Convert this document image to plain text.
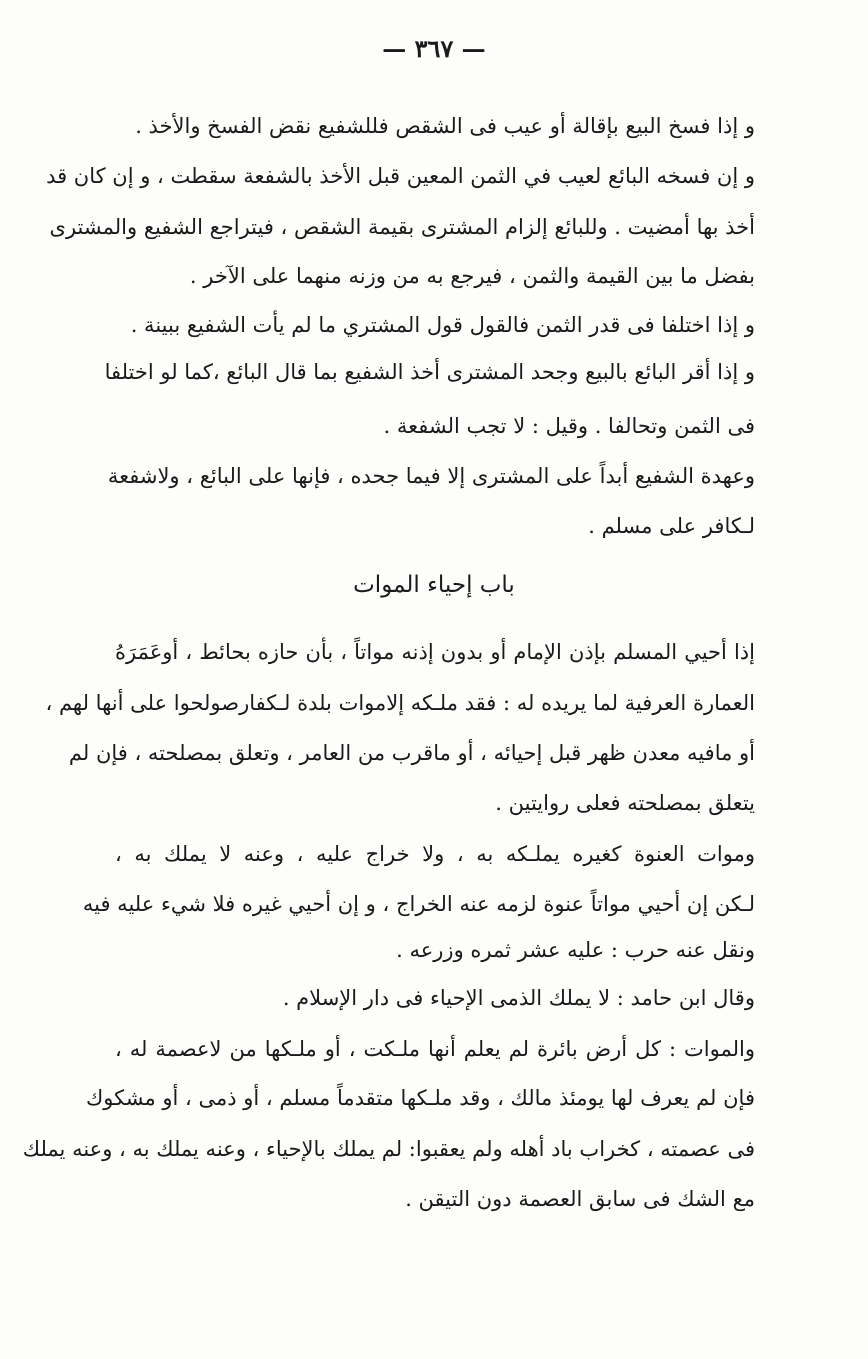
— ٣٦٧ —
و إذا فسخ البيع بإقالة أو عيب فى الشقص فللشفيع نقض الفسخ والأخذ .
و إن فسخه البائع لعيب في الثمن المعين قبل الأخذ بالشفعة سقطت ، و إن كان قد
أخذ بها أمضيت . وللبائع إلزام المشترى بقيمة الشقص ، فيتراجع الشفيع والمشترى
بفضل ما بين القيمة والثمن ، فيرجع به من وزنه منهما على الآخر .
و إذا اختلفا فى قدر الثمن فالقول قول المشتري ما لم يأت الشفيع ببينة .
و إذا أقر البائع بالبيع وجحد المشترى أخذ الشفيع بما قال البائع ،كما لو اختلفا
فى الثمن وتحالفا . وقيل : لا تجب الشفعة .
وعهدة الشفيع أبداً على المشترى إلا فيما جحده ، فإنها على البائع ، ولاشفعة
لـكافر على مسلم .
باب إحياء الموات
إذا أحيي المسلم بإذن الإمام أو بدون إذنه مواتاً ، بأن حازه بحائط ، أوعَمَرَهُ
العمارة العرفية لما يريده له : فقد ملـكه إلاموات بلدة لـكفارصولحوا على أنها لهم ،
أو مافيه معدن ظهر قبل إحيائه ، أو ماقرب من العامر ، وتعلق بمصلحته ، فإن لم
يتعلق بمصلحته فعلى روايتين .
وموات العنوة كغيره يملـكه به ، ولا خراج عليه ، وعنه لا يملك به ،
لـكن إن أحيي مواتاً عنوة لزمه عنه الخراج ، و إن أحيي غيره فلا شيء عليه فيه
ونقل عنه حرب : عليه عشر ثمره وزرعه .
وقال ابن حامد : لا يملك الذمى الإحياء فى دار الإسلام .
والموات : كل أرض بائرة لم يعلم أنها ملـكت ، أو ملـكها من لاعصمة له ،
فإن لم يعرف لها يومئذ مالك ، وقد ملـكها متقدماً مسلم ، أو ذمى ، أو مشكوك
فى عصمته ، كخراب باد أهله ولم يعقبوا: لم يملك بالإحياء ، وعنه يملك به ، وعنه يملك
مع الشك فى سابق العصمة دون التيقن .
